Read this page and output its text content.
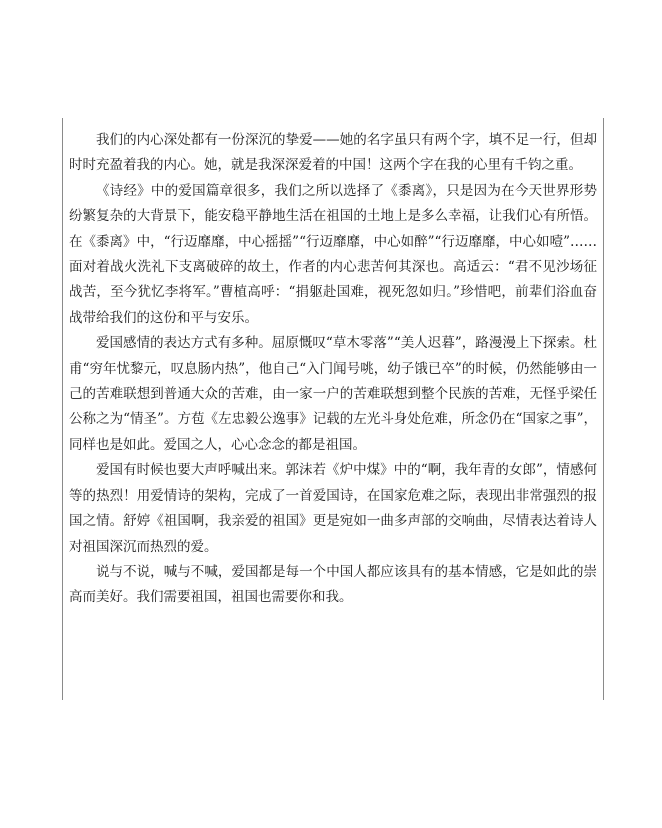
我们的内心深处都有一份深沉的挚爱——她的名字虽只有两个字，填不足一行，但却时时充盈着我的内心。她，就是我深深爱着的中国！这两个字在我的心里有千钧之重。

《诗经》中的爱国篇章很多，我们之所以选择了《黍离》，只是因为在今天世界形势纷繁复杂的大背景下，能安稳平静地生活在祖国的土地上是多么幸福，让我们心有所悟。在《黍离》中，“行迈靡靡，中心摇摇”“行迈靡靡，中心如醉”“行迈靡靡，中心如噎”……面对着战火洗礼下支离破碎的故土，作者的内心悲苦何其深也。高适云：“君不见沙场征战苦，至今犹忆李将军。”曹植高呼：“捐躯赴国难，视死忽如归。”珍惜吧，前辈们浴血奋战带给我们的这份和平与安乐。

爱国感情的表达方式有多种。屈原慨叹“草木零落”“美人迟暮”，路漫漫上下探索。杜甫“穷年忧黎元，叹息肠内热”，他自己“入门闻号咷，幼子饿已卒”的时候，仍然能够由一己的苦难联想到普通大众的苦难，由一家一户的苦难联想到整个民族的苦难，无怪乎梁任公称之为“情圣”。方苞《左忠毅公逸事》记载的左光斗身处危难，所念仍在“国家之事”，同样也是如此。爱国之人，心心念念的都是祖国。

爱国有时候也要大声呼喊出来。郭沫若《炉中煤》中的“啊，我年青的女郎”，情感何等的热烈！用爱情诗的架构，完成了一首爱国诗，在国家危难之际，表现出非常强烈的报国之情。舒婷《祖国啊，我亲爱的祖国》更是宛如一曲多声部的交响曲，尽情表达着诗人对祖国深沉而热烈的爱。

说与不说，喊与不喊，爱国都是每一个中国人都应该具有的基本情感，它是如此的崇高而美好。我们需要祖国，祖国也需要你和我。
